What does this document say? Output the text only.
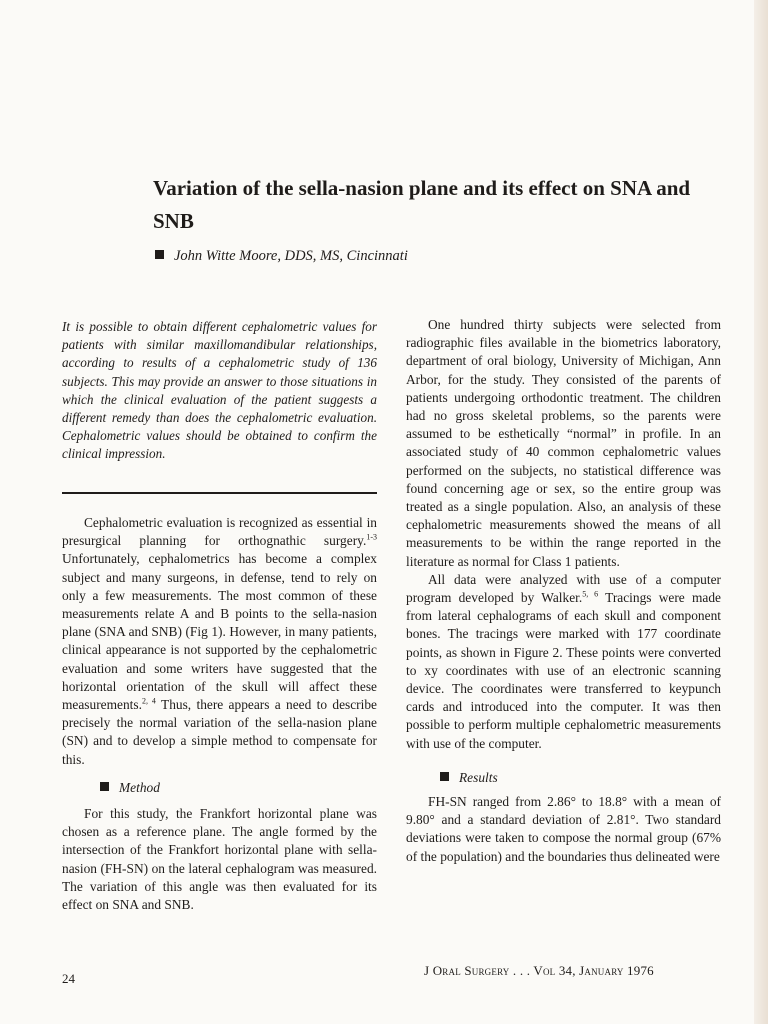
Variation of the sella-nasion plane and its effect on SNA and SNB
John Witte Moore, DDS, MS, Cincinnati

It is possible to obtain different cephalometric values for patients with similar maxillomandibular relationships, according to results of a cephalometric study of 136 subjects. This may provide an answer to those situations in which the clinical evaluation of the patient suggests a different remedy than does the cephalometric evaluation. Cephalometric values should be obtained to confirm the clinical impression.

Cephalometric evaluation is recognized as essential in presurgical planning for orthognathic surgery.$^{1-3}$ Unfortunately, cephalometrics has become a complex subject and many surgeons, in defense, tend to rely on only a few measurements. The most common of these measurements relate A and B points to the sella-nasion plane (SNA and SNB) (Fig 1). However, in many patients, clinical appearance is not supported by the cephalometric evaluation and some writers have suggested that the horizontal orientation of the skull will affect these measurements.$^{2, 4}$ Thus, there appears a need to describe precisely the normal variation of the sella-nasion plane (SN) and to develop a simple method to compensate for this.

Method

For this study, the Frankfort horizontal plane was chosen as a reference plane. The angle formed by the intersection of the Frankfort horizontal plane with sella-nasion (FH-SN) on the lateral cephalogram was measured. The variation of this angle was then evaluated for its effect on SNA and SNB.

One hundred thirty subjects were selected from radiographic files available in the biometrics laboratory, department of oral biology, University of Michigan, Ann Arbor, for the study. They consisted of the parents of patients undergoing orthodontic treatment. The children had no gross skeletal problems, so the parents were assumed to be esthetically “normal” in profile. In an associated study of 40 common cephalometric values performed on the subjects, no statistical difference was found concerning age or sex, so the entire group was treated as a single population. Also, an analysis of these cephalometric measurements showed the means of all measurements to be within the range reported in the literature as normal for Class 1 patients.

All data were analyzed with use of a computer program developed by Walker.$^{5, 6}$ Tracings were made from lateral cephalograms of each skull and component bones. The tracings were marked with 177 coordinate points, as shown in Figure 2. These points were converted to xy coordinates with use of an electronic scanning device. The coordinates were transferred to keypunch cards and introduced into the computer. It was then possible to perform multiple cephalometric measurements with use of the computer.

Results

FH-SN ranged from 2.86° to 18.8° with a mean of 9.80° and a standard deviation of 2.81°. Two standard deviations were taken to compose the normal group (67% of the population) and the boundaries thus delineated were

24
J Oral Surgery . . . Vol 34, January 1976
